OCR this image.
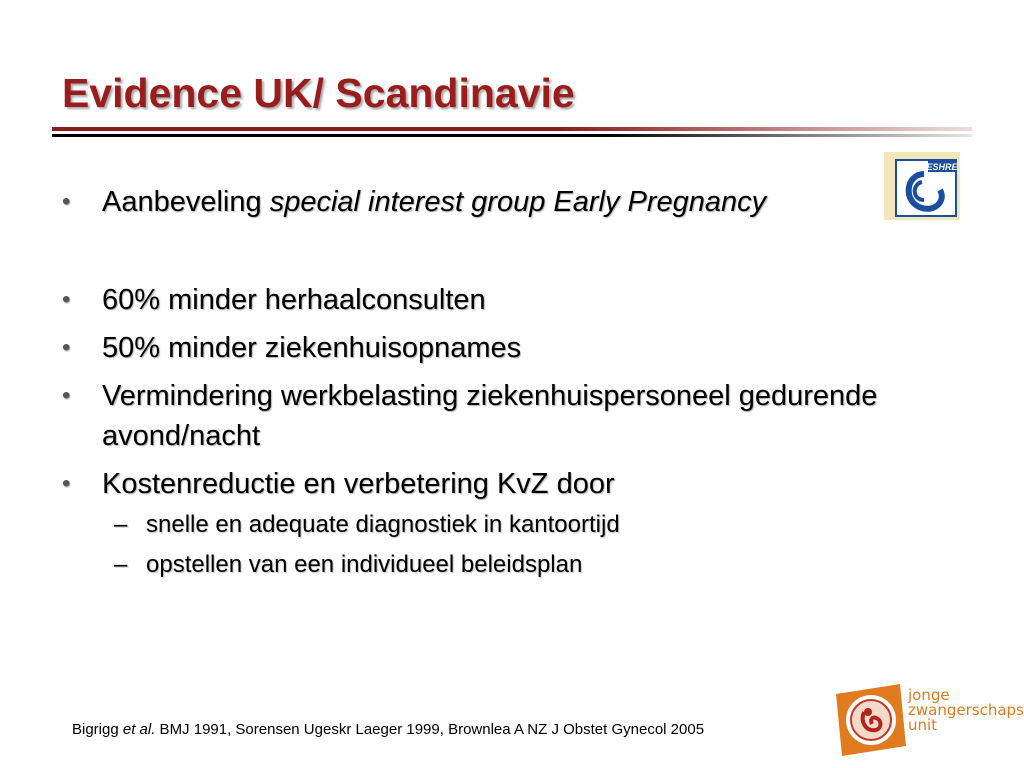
Evidence UK/ Scandinavie
ESHRE
• Aanbeveling special interest group Early Pregnancy
• 60% minder herhaalconsulten
• 50% minder ziekenhuisopnames
• Vermindering werkbelasting ziekenhuispersoneel gedurende avond/nacht
• Kostenreductie en verbetering KvZ door
– snelle en adequate diagnostiek in kantoortijd
– opstellen van een individueel beleidsplan
Bigrigg et al. BMJ 1991, Sorensen Ugeskr Laeger 1999, Brownlea A NZ J Obstet Gynecol 2005
jonge
zwangerschaps
unit
